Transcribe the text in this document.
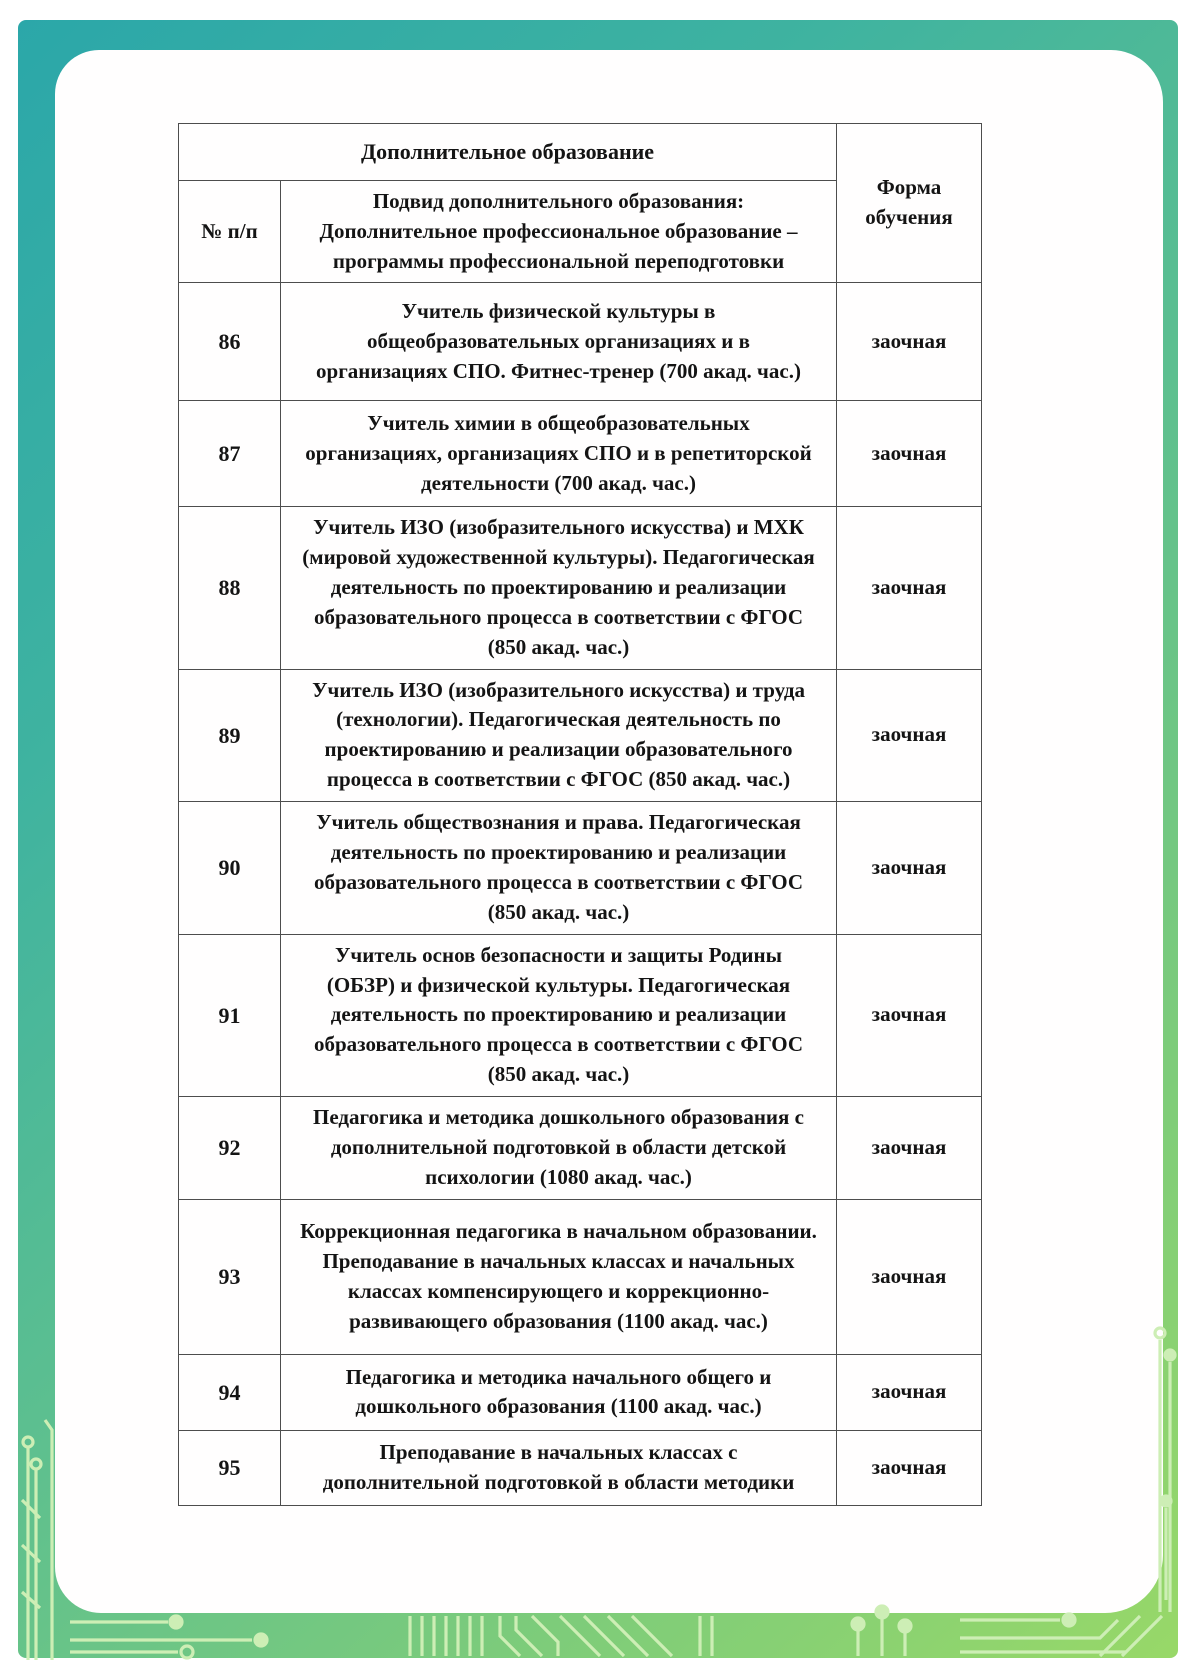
Дополнительное образование		Форма обучения
№ п/п	Подвид дополнительного образования: Дополнительное профессиональное образование – программы профессиональной переподготовки	
86	Учитель физической культуры в общеобразовательных организациях и в организациях СПО. Фитнес-тренер (700 акад. час.)	заочная
87	Учитель химии в общеобразовательных организациях, организациях СПО и в репетиторской деятельности (700 акад. час.)	заочная
88	Учитель ИЗО (изобразительного искусства) и МХК (мировой художественной культуры). Педагогическая деятельность по проектированию и реализации образовательного процесса в соответствии с ФГОС (850 акад. час.)	заочная
89	Учитель ИЗО (изобразительного искусства) и труда (технологии). Педагогическая деятельность по проектированию и реализации образовательного процесса в соответствии с ФГОС (850 акад. час.)	заочная
90	Учитель обществознания и права. Педагогическая деятельность по проектированию и реализации образовательного процесса в соответствии с ФГОС (850 акад. час.)	заочная
91	Учитель основ безопасности и защиты Родины (ОБЗР) и физической культуры. Педагогическая деятельность по проектированию и реализации образовательного процесса в соответствии с ФГОС (850 акад. час.)	заочная
92	Педагогика и методика дошкольного образования с дополнительной подготовкой в области детской психологии (1080 акад. час.)	заочная
93	Коррекционная педагогика в начальном образовании. Преподавание в начальных классах и начальных классах компенсирующего и коррекционно-развивающего образования (1100 акад. час.)	заочная
94	Педагогика и методика начального общего и дошкольного образования (1100 акад. час.)	заочная
95	Преподавание в начальных классах с дополнительной подготовкой в области методики	заочная
